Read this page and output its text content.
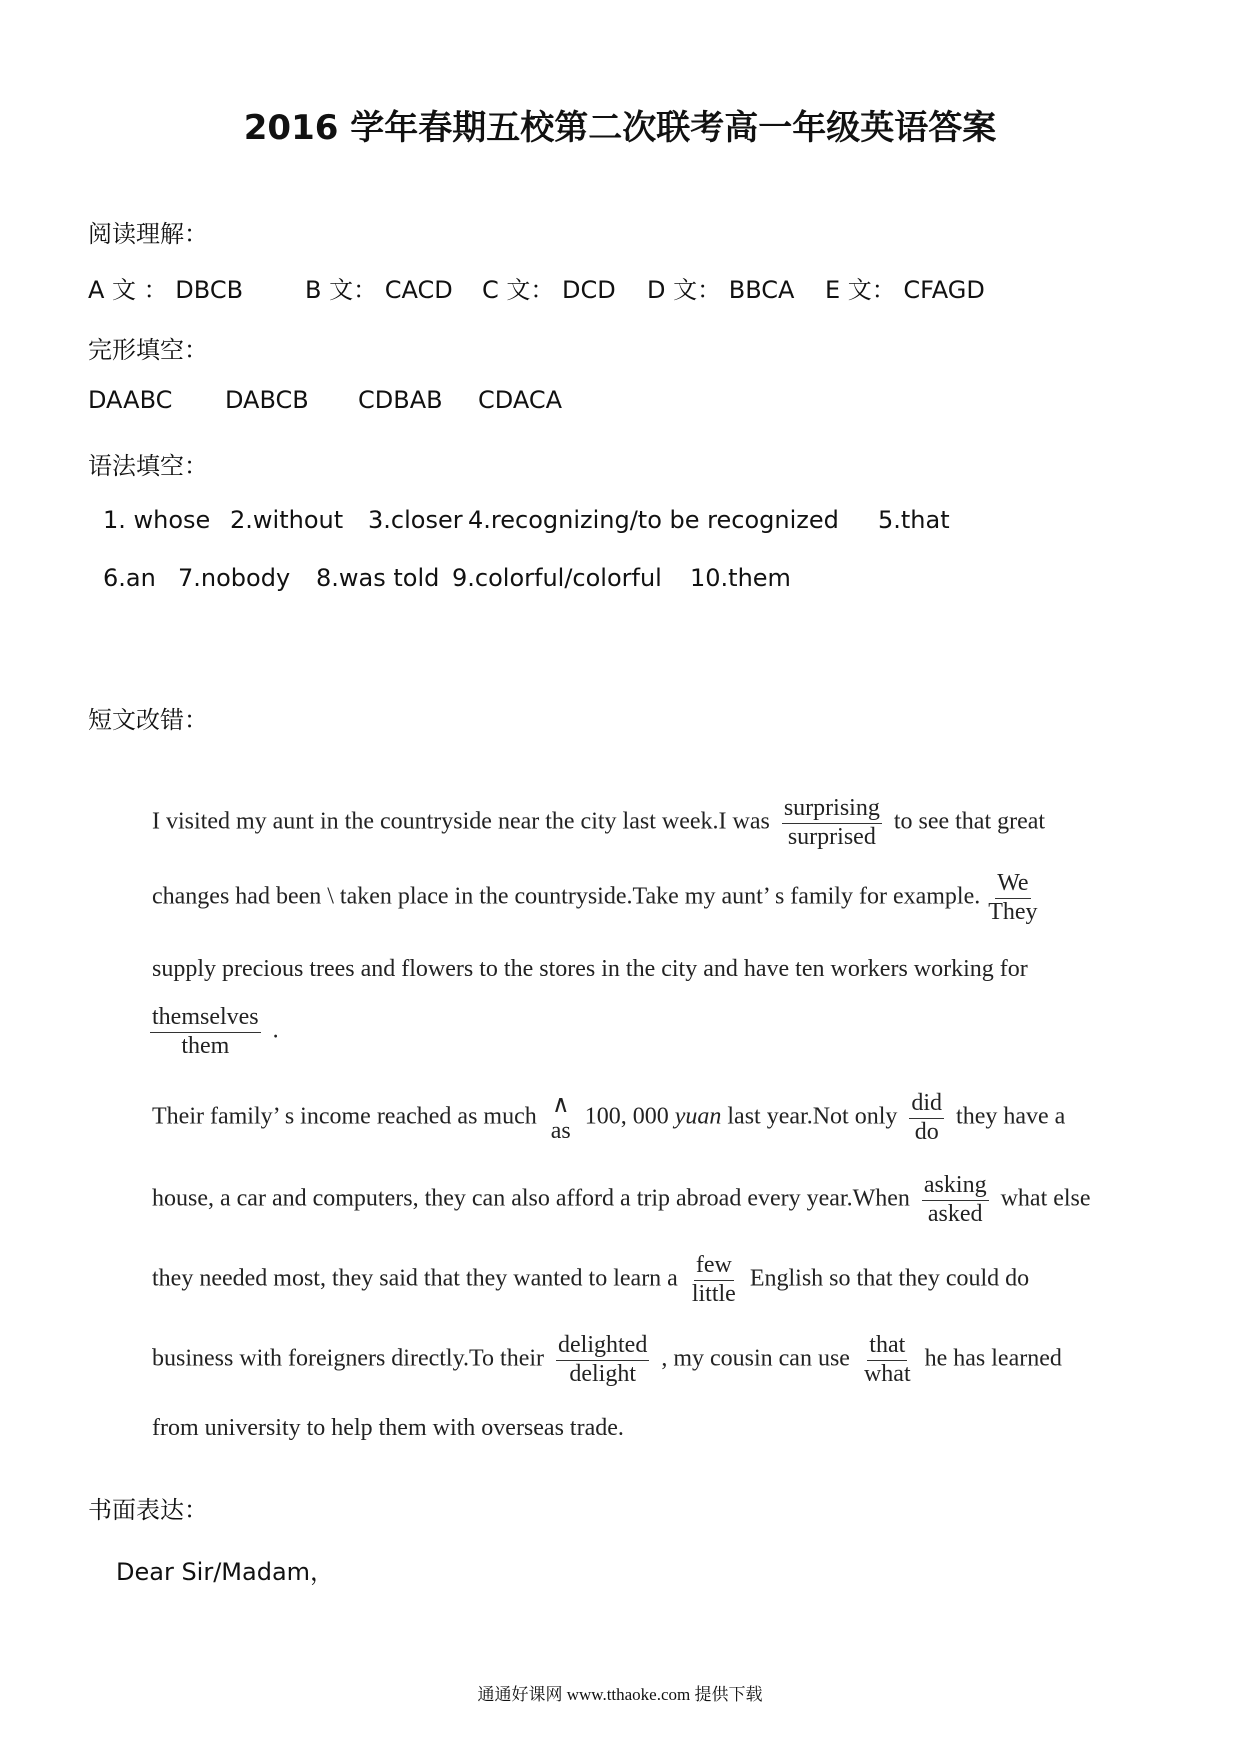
2016 学年春期五校第二次联考高一年级英语答案
阅读理解：
A 文 ： DBCB	B 文： CACD C 文： DCD D 文： BBCA E 文： CFAGD
完形填空：
DAABC DABCB CDBAB CDACA
语法填空：
1. whose 2.without 3.closer 4.recognizing/to be recognized 5.that
6.an 7.nobody 8.was told 9.colorful/colorful 10.them
短文改错：
I visited my aunt in the countryside near the city last week.I was
surprising
surprised
to see that great
changes had been \ taken place in the countryside.Take my aunt’ s family for example.
We
They
supply precious trees and flowers to the stores in the city and have ten workers working for
themselves
them
.
Their family’ s income reached as much ∧
as
100, 000 yuan last year.Not only
did
do
they have a
house, a car and computers, they can also afford a trip abroad every year.When
asking
asked
what else
they needed most, they said that they wanted to learn a
few
little
English so that they could do
business with foreigners directly.To their
delighted
delight
, my cousin can use
that
what
he has learned
from university to help them with overseas trade.
书面表达：
Dear Sir/Madam，
通通好课网 www.tthaoke.com 提供下载
